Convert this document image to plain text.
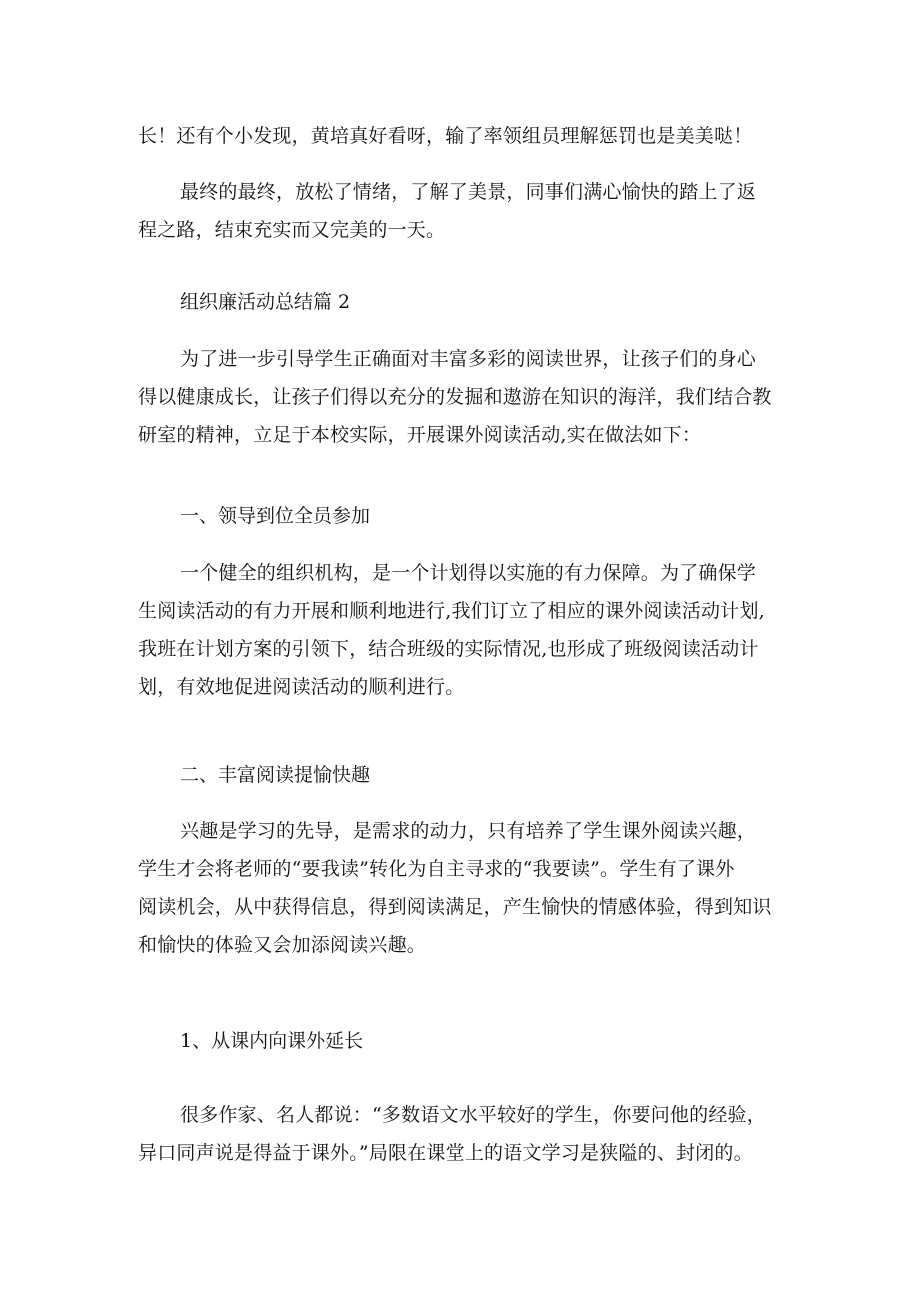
长！还有个小发现，黄培真好看呀，输了率领组员理解惩罚也是美美哒！

最终的最终，放松了情绪，了解了美景，同事们满心愉快的踏上了返
程之路，结束充实而又完美的一天。

组织廉活动总结篇 2

为了进一步引导学生正确面对丰富多彩的阅读世界，让孩子们的身心
得以健康成长，让孩子们得以充分的发掘和遨游在知识的海洋，我们结合教
研室的精神，立足于本校实际，开展课外阅读活动,实在做法如下：

一、领导到位全员参加

一个健全的组织机构，是一个计划得以实施的有力保障。为了确保学
生阅读活动的有力开展和顺利地进行,我们订立了相应的课外阅读活动计划,
我班在计划方案的引领下，结合班级的实际情况,也形成了班级阅读活动计
划，有效地促进阅读活动的顺利进行。

二、丰富阅读提愉快趣

兴趣是学习的先导，是需求的动力，只有培养了学生课外阅读兴趣，
学生才会将老师的“要我读”转化为自主寻求的“我要读”。学生有了课外
阅读机会，从中获得信息，得到阅读满足，产生愉快的情感体验，得到知识
和愉快的体验又会加添阅读兴趣。

1、从课内向课外延长

很多作家、名人都说：“多数语文水平较好的学生，你要问他的经验，
异口同声说是得益于课外。”局限在课堂上的语文学习是狭隘的、封闭的。
